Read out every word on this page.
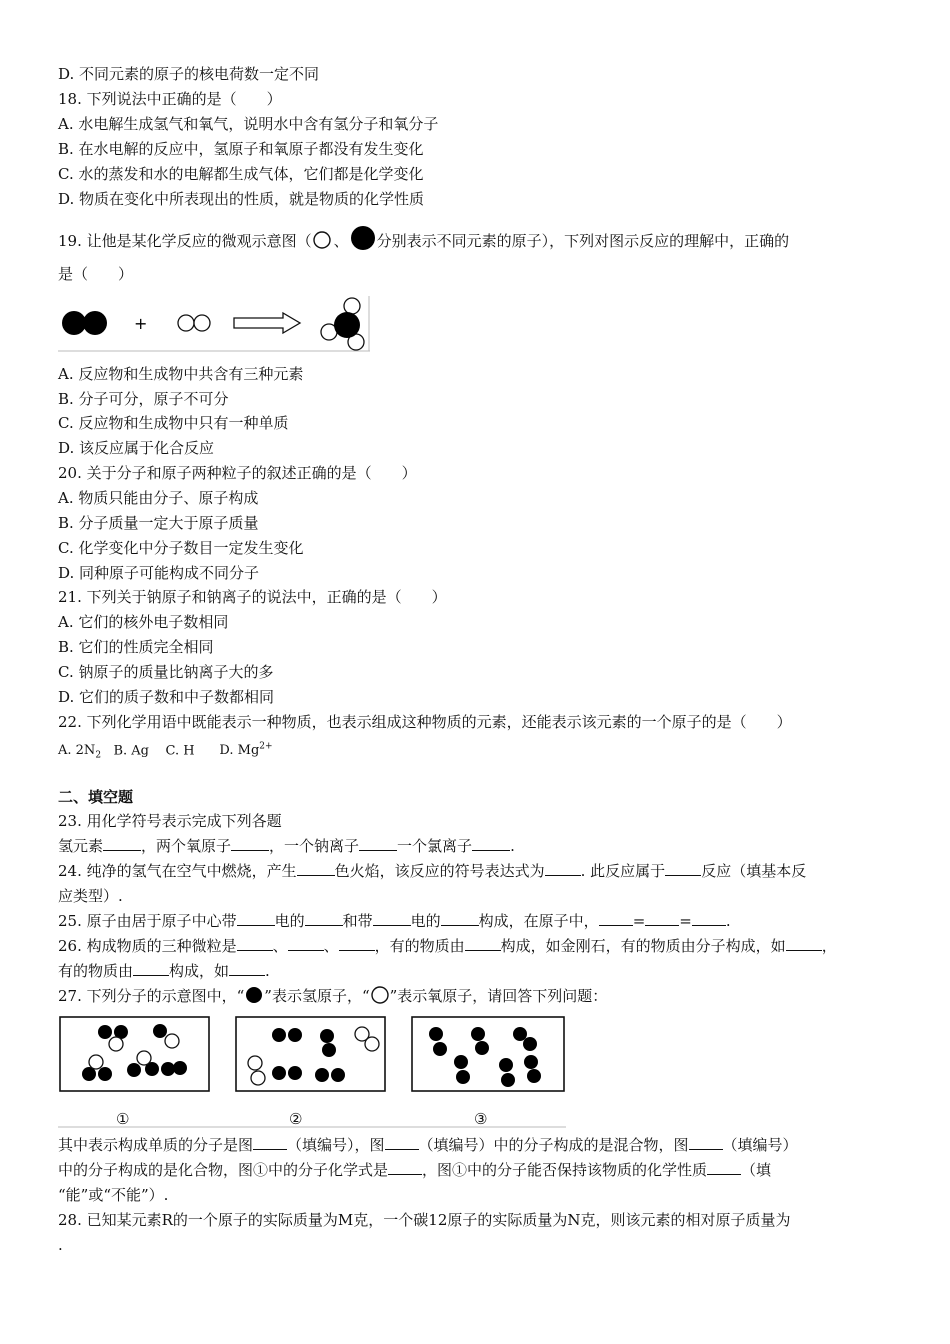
D. 不同元素的原子的核电荷数一定不同
18. 下列说法中正确的是（　　）
A. 水电解生成氢气和氧气，说明水中含有氢分子和氧分子
B. 在水电解的反应中，氢原子和氧原子都没有发生变化
C. 水的蒸发和水的电解都生成气体，它们都是化学变化
D. 物质在变化中所表现出的性质，就是物质的化学性质
19. 让他是某化学反应的微观示意图（ 、 分别表示不同元素的原子），下列对图示反应的理解中，正确的
是（　　）
+
A. 反应物和生成物中共含有三种元素
B. 分子可分，原子不可分
C. 反应物和生成物中只有一种单质
D. 该反应属于化合反应
20. 关于分子和原子两种粒子的叙述正确的是（　　）
A. 物质只能由分子、原子构成
B. 分子质量一定大于原子质量
C. 化学变化中分子数目一定发生变化
D. 同种原子可能构成不同分子
21. 下列关于钠原子和钠离子的说法中，正确的是（　　）
A. 它们的核外电子数相同
B. 它们的性质完全相同
C. 钠原子的质量比钠离子大的多
D. 它们的质子数和中子数都相同
22. 下列化学用语中既能表示一种物质，也表示组成这种物质的元素，还能表示该元素的一个原子的是（　　）
A. $2N_2$ B. Ag C. H D. $Mg^{2+}$
二、填空题
23. 用化学符号表示完成下列各题
氢元素	，两个氧原子	，一个钠离子	一个氯离子	.
24. 纯净的氢气在空气中燃烧，产生	色火焰，该反应的符号表达式为 . 此反应属于 反应（填基本反
应类型）.
25. 原子由居于原子中心带	电的	和带	电的	构成，在原子中， = = .
26. 构成物质的三种微粒是 、 、 ，有的物质由 构成，如金刚石，有的物质由分子构成，如 ，
有的物质由 构成，如 .
27. 下列分子的示意图中，“ ”表示氢原子，“ ”表示氧原子，请回答下列问题：
①	②	③
其中表示构成单质的分子是图 （填编号），图 （填编号）中的分子构成的是混合物，图 （填编号）
中的分子构成的是化合物，图①中的分子化学式是 ，图①中的分子能否保持该物质的化学性质 （填
“能”或“不能”）.
28. 已知某元素R的一个原子的实际质量为M克，一个碳12原子的实际质量为N克，则该元素的相对原子质量为
.
